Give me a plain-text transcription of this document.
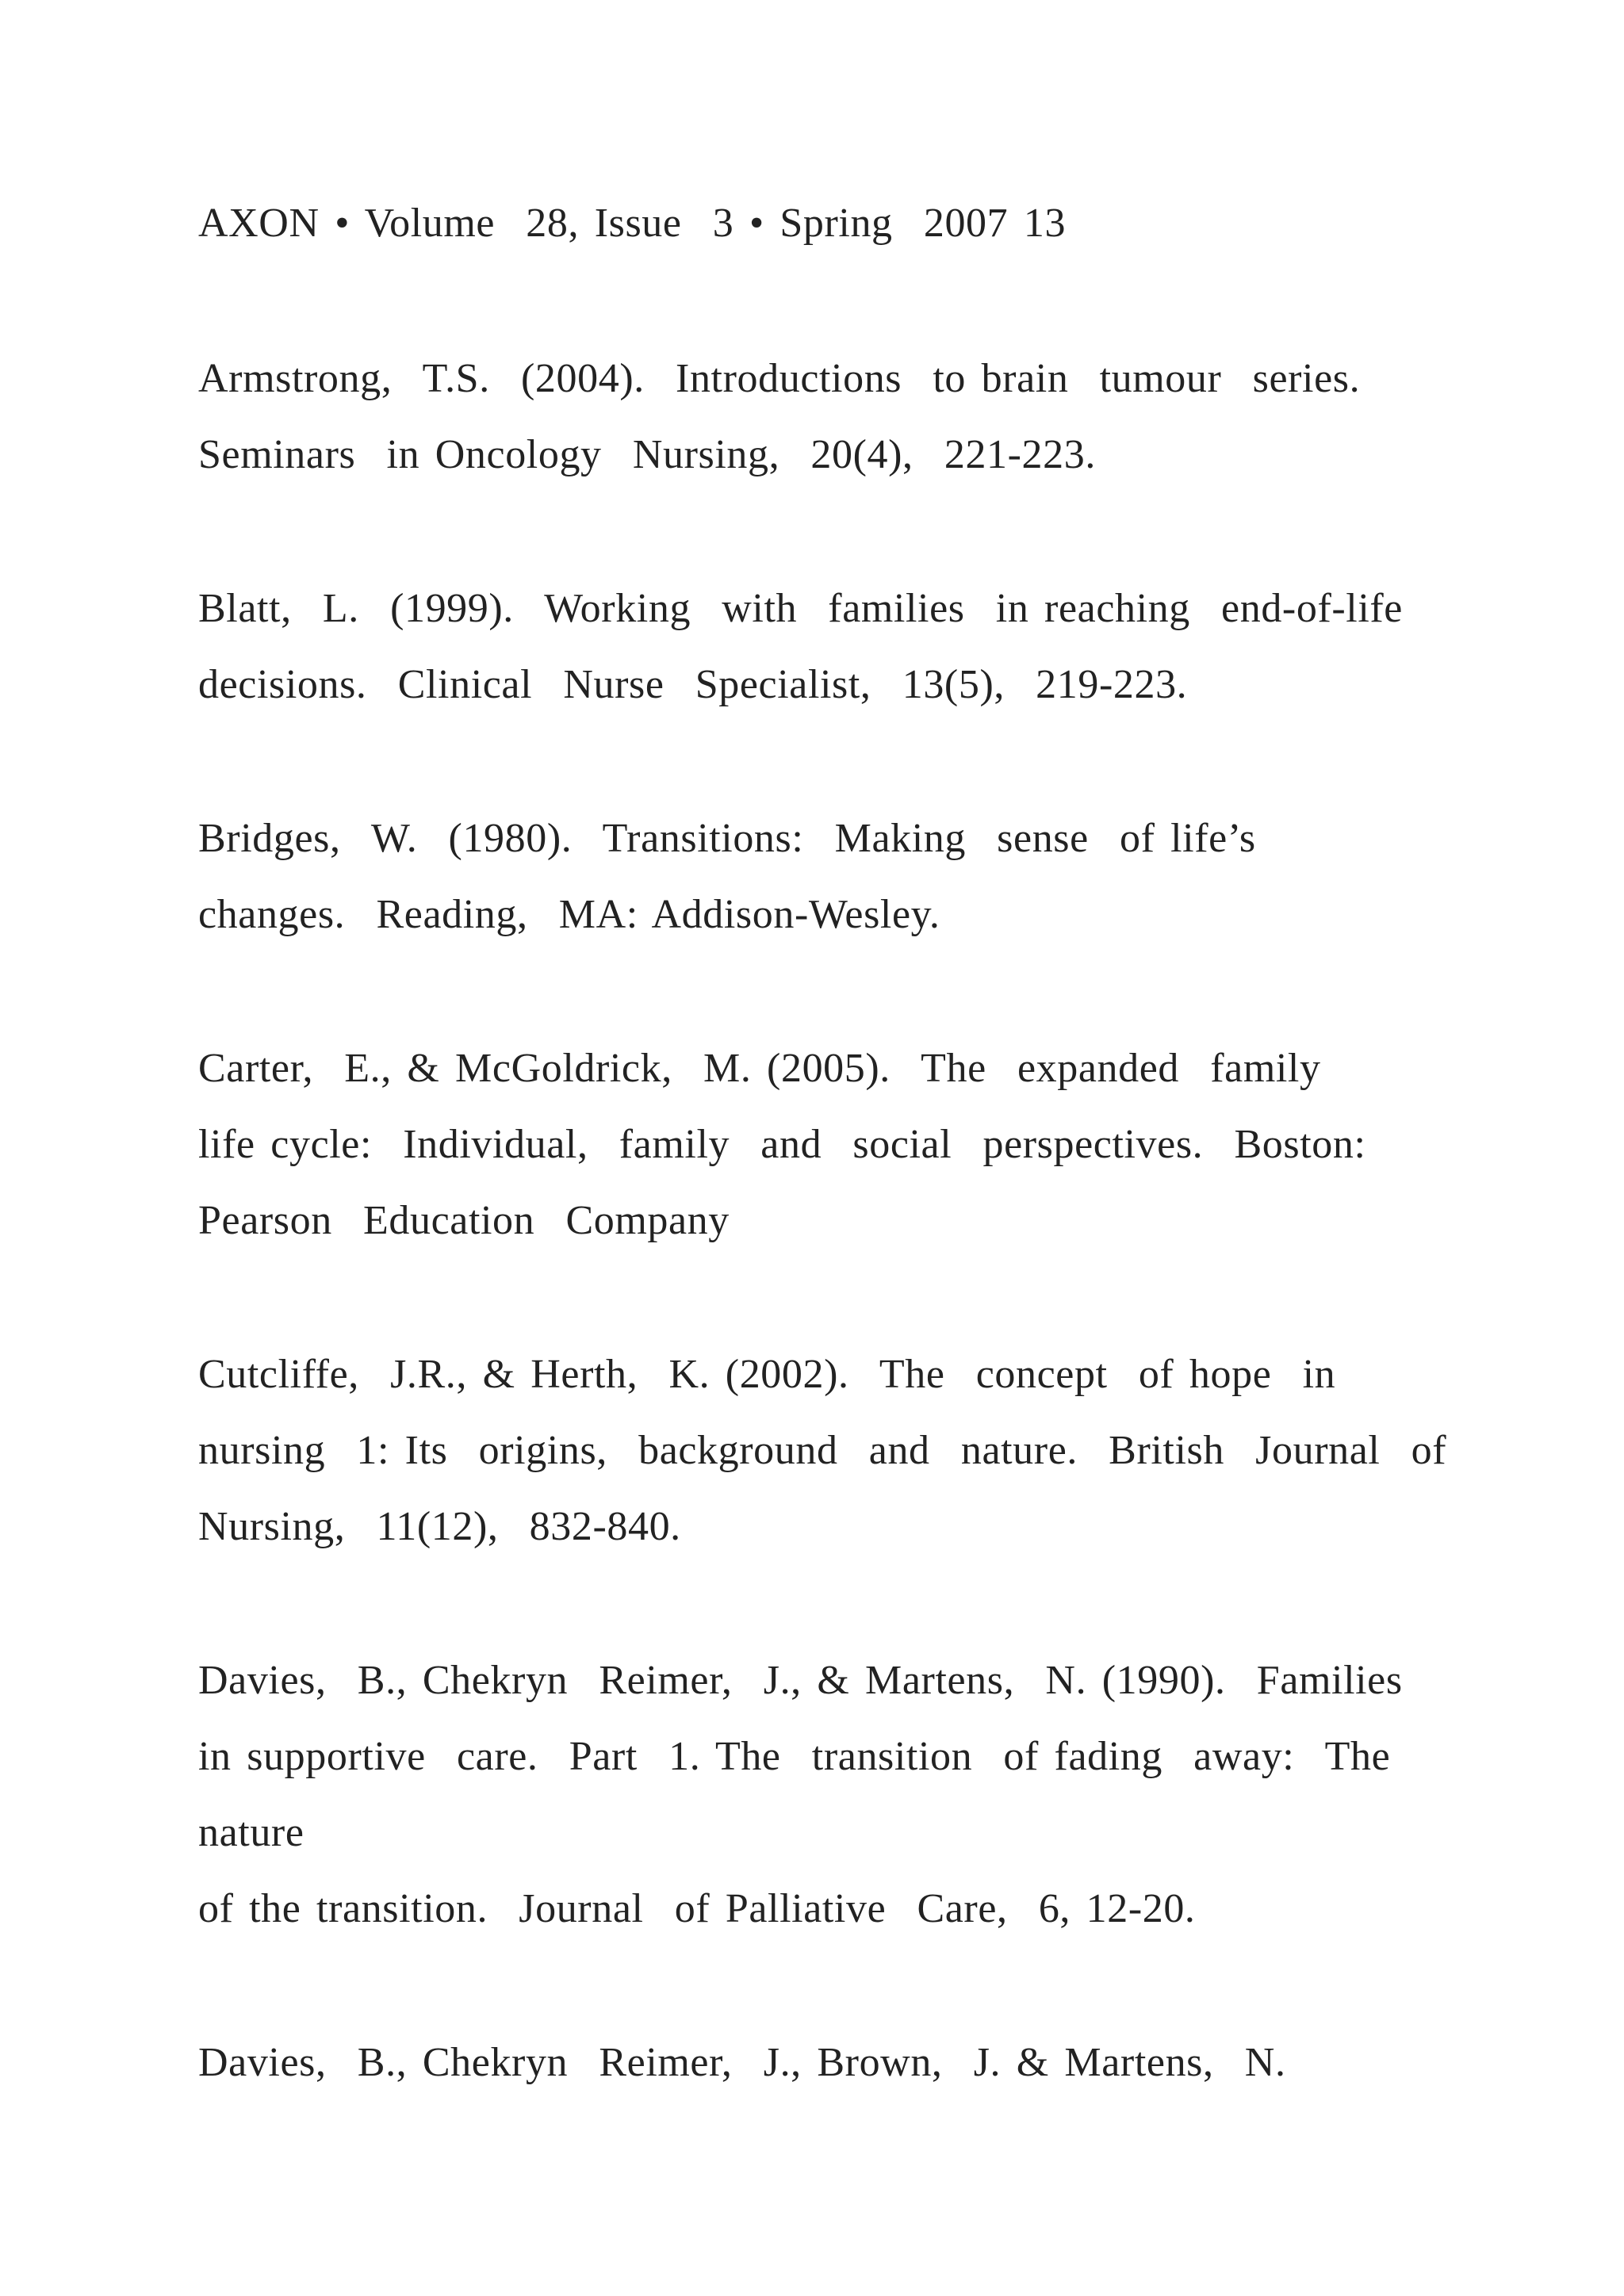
AXON • Volume  28, Issue  3 • Spring  2007 13

Armstrong,  T.S.  (2004).  Introductions  to brain  tumour  series.

Seminars  in Oncology  Nursing,  20(4),  221-223.

Blatt,  L.  (1999).  Working  with  families  in reaching  end-of-life

decisions.  Clinical  Nurse  Specialist,  13(5),  219-223.

Bridges,  W.  (1980).  Transitions:  Making  sense  of life’s

changes.  Reading,  MA: Addison-Wesley.

Carter,  E., & McGoldrick,  M. (2005).  The  expanded  family

life cycle:  Individual,  family  and  social  perspectives.  Boston:

Pearson  Education  Company

Cutcliffe,  J.R., & Herth,  K. (2002).  The  concept  of hope  in

nursing  1: Its  origins,  background  and  nature.  British  Journal  of

Nursing,  11(12),  832-840.

Davies,  B., Chekryn  Reimer,  J., & Martens,  N. (1990).  Families

in supportive  care.  Part  1. The  transition  of fading  away:  The

nature

of the transition.  Journal  of Palliative  Care,  6, 12-20.

Davies,  B., Chekryn  Reimer,  J., Brown,  J. & Martens,  N.
